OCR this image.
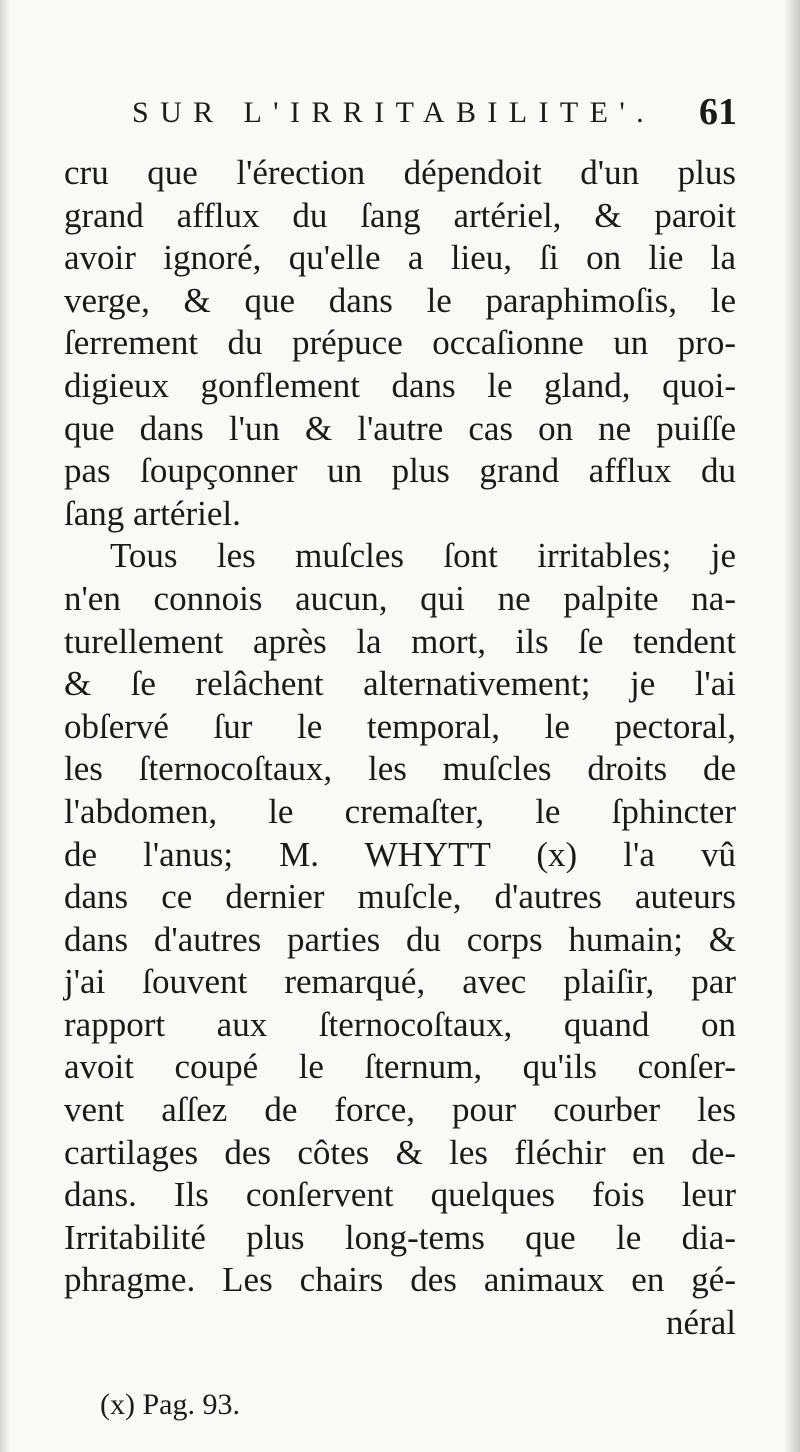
SUR L'IRRITABILITE'. 61
cru que l'érection dépendoit d'un plus
grand afflux du ſang artériel, & paroit
avoir ignoré, qu'elle a lieu, ſi on lie la
verge, & que dans le paraphimoſis, le
ſerrement du prépuce occaſionne un pro-
digieux gonflement dans le gland, quoi-
que dans l'un & l'autre cas on ne puiſſe
pas ſoupçonner un plus grand afflux du
ſang artériel.
Tous les muſcles ſont irritables; je
n'en connois aucun, qui ne palpite na-
turellement après la mort, ils ſe tendent
& ſe relâchent alternativement; je l'ai
obſervé ſur le temporal, le pectoral,
les ſternocoſtaux, les muſcles droits de
l'abdomen, le cremaſter, le ſphincter
de l'anus; M. WHYTT (x) l'a vû
dans ce dernier muſcle, d'autres auteurs
dans d'autres parties du corps humain; &
j'ai ſouvent remarqué, avec plaiſir, par
rapport aux ſternocoſtaux, quand on
avoit coupé le ſternum, qu'ils conſer-
vent aſſez de force, pour courber les
cartilages des côtes & les fléchir en de-
dans. Ils conſervent quelques fois leur
Irritabilité plus long-tems que le dia-
phragme. Les chairs des animaux en gé-
néral
(x) Pag. 93.
